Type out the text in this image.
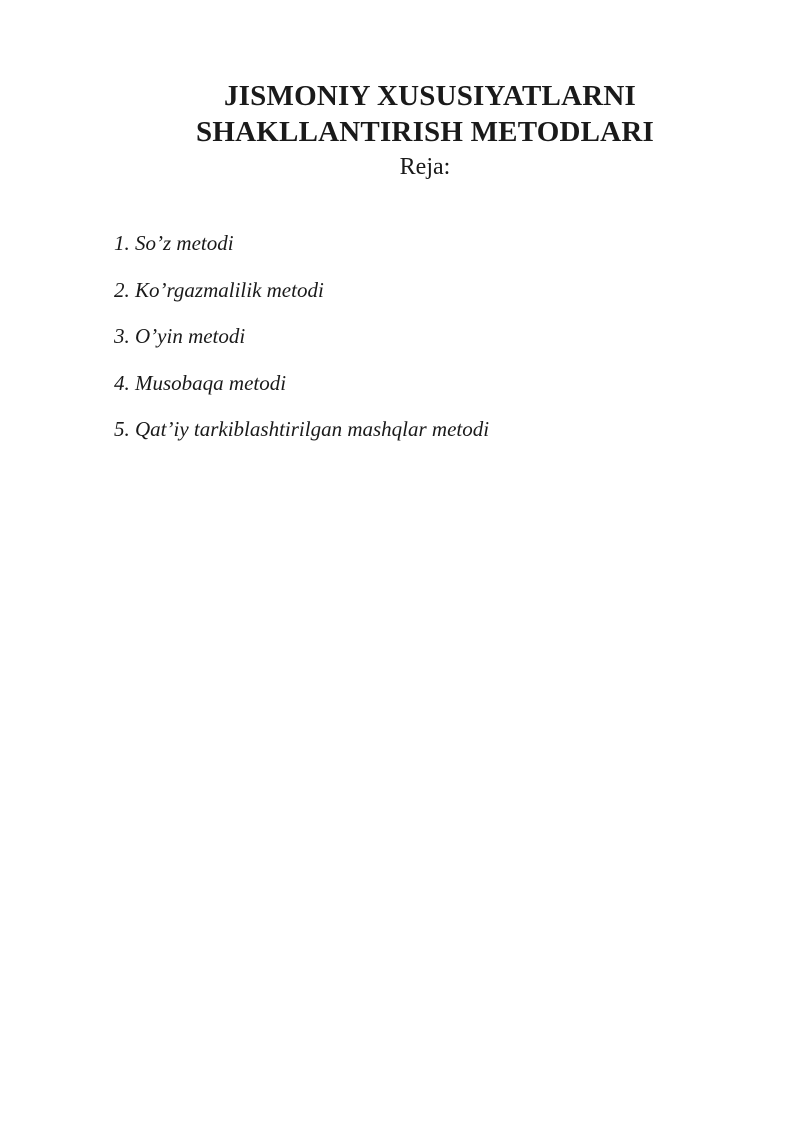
JISMONIY XUSUSIYATLARNI
SHAKLLANTIRISH METODLARI
Reja:
1. So’z metodi
2. Ko’rgazmalilik metodi
3. O’yin metodi
4. Musobaqa metodi
5. Qat’iy tarkiblashtirilgan mashqlar metodi
